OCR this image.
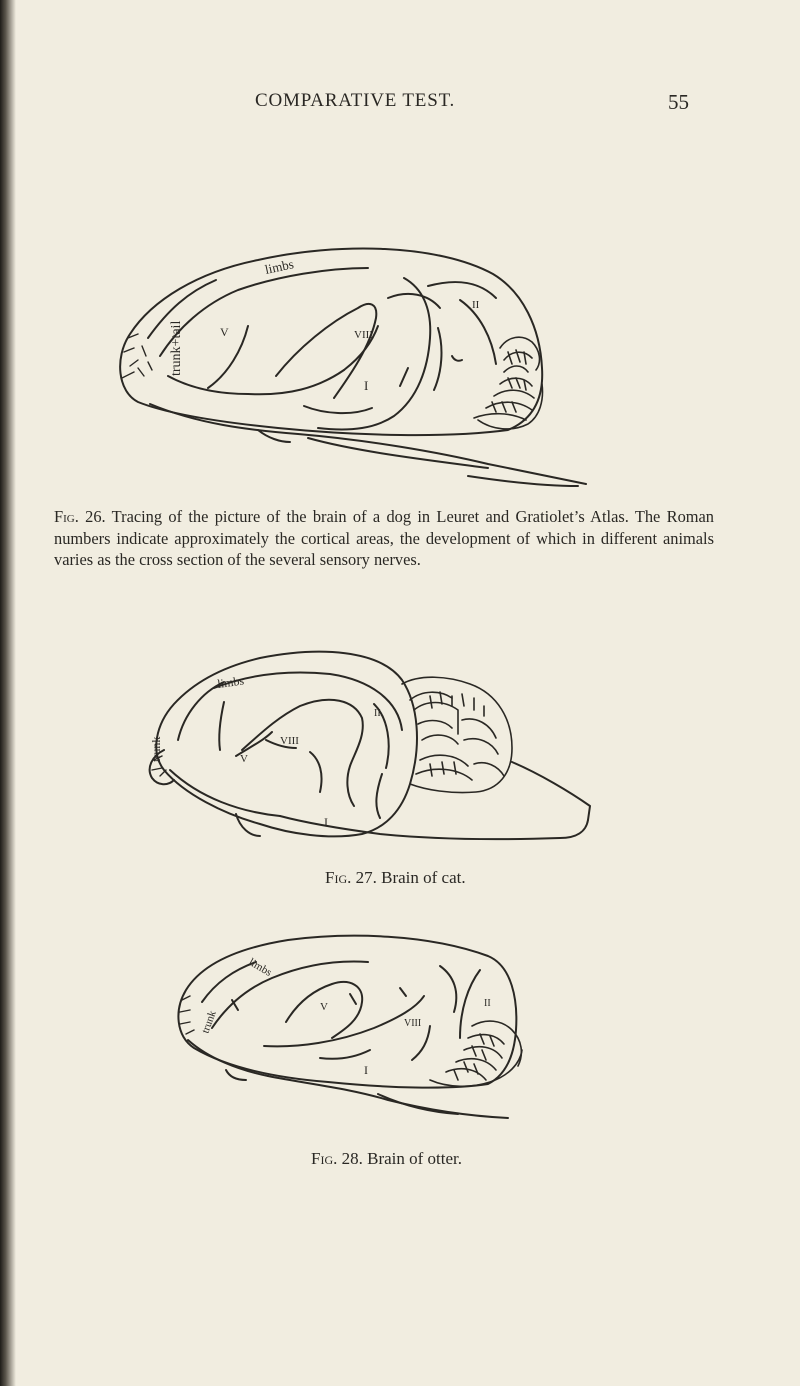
COMPARATIVE TEST.	55
trunk+tail
limbs
V	VIII
II
I
Fig. 26. Tracing of the picture of the brain of a dog in Leuret and Gratiolet’s Atlas. The Roman numbers indicate approximately the cortical areas, the development of which in different animals varies as the cross section of the several sensory nerves.
trunk
limbs
V
VIII
II
I
Fig. 27. Brain of cat.
trunk
limbs
V
VIII
II
I
Fig. 28. Brain of otter.
